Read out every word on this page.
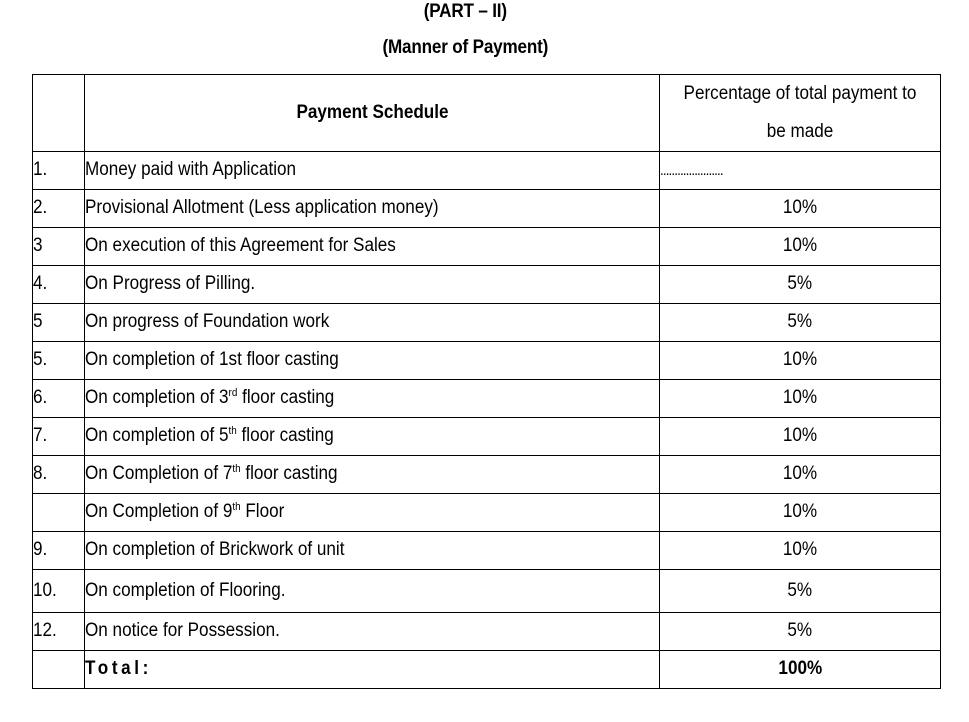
(PART – II)
(Manner of Payment)
	Payment Schedule	Percentage of total payment to be made
1.	Money paid with Application	......................
2.	Provisional Allotment (Less application money)	10%
3	On execution of this Agreement for Sales	10%
4.	On Progress of Pilling.	5%
5	On progress of Foundation work	5%
5.	On completion of 1st floor casting	10%
6.	On completion of 3rd floor casting	10%
7.	On completion of 5th floor casting	10%
8.	On Completion of 7th floor casting	10%
	On Completion of 9th Floor	10%
9.	On completion of Brickwork of unit	10%
10.	On completion of Flooring.	5%
12.	On notice for Possession.	5%
	Total:	100%
